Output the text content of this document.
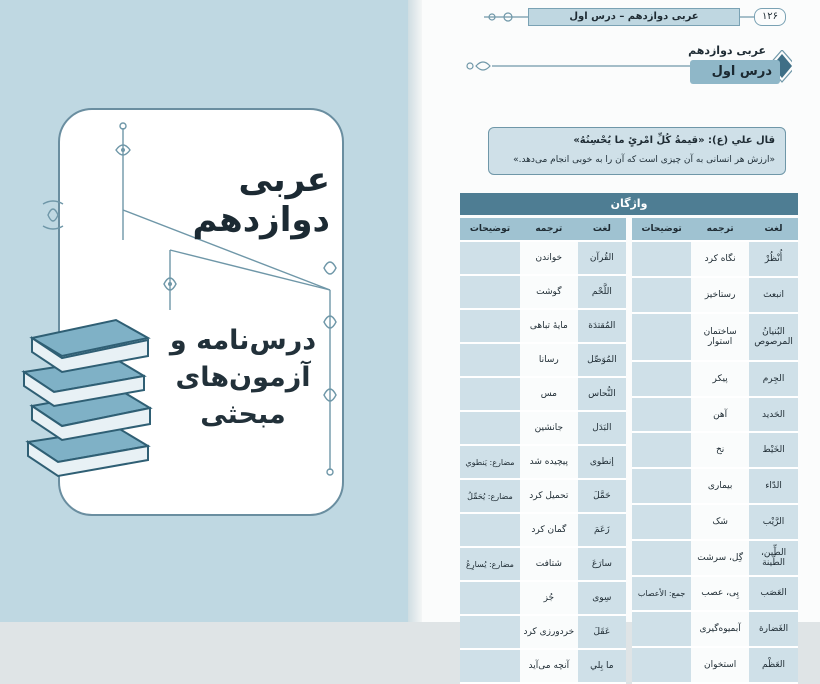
عربی دوازدهم
درس‌نامه و
آزمون‌های
مبحثی
عربی دوازدهم – درس اول	۱۲۶
عربی دوازدهم
درس اول
قال علي (ع): «قيمةُ كُلِّ امْرئٍ ما يُحْسِنُهُ»
«ارزش هر انسانی به آن چیزی است که آن را به خوبی انجام می‌دهد.»
واژگان
لغت	ترجمه	توضیحات
أُنْظُرْ	نگاه کرد	
انبعث	رستاخیز	
البُنیانُ المرصوص	ساختمان استوار	
الجِرم	پیکر	
الحَديد	آهن	
الخَيْط	نخ	
الدّاء	بیماری	
الرَّيْب	شک	
الطِّين، الطّينة	گِل، سرشت	
العَصَب	پِی، عصب	جمع: الأعصاب
الغَضارة	آبمیوه‌گیری	
العَظْم	استخوان	
لغت	ترجمه	توضیحات
القُرآن	خواندن	
اللَّحْم	گوشت	
المُقتدَة	مایهٔ تباهی	
المُوَصِّل	رسانا	
النُّحاس	مس	
البَدَل	جانشین	
إنطوى	پیچیده شد	مضارع: يَنطوي
حَمَّلَ	تحمیل کرد	مضارع: يُحَمِّلُ
زَعَمَ	گمان کرد	
سارَعَ	شتافت	مضارع: يُسارِعُ
سِوى	جُز	
عَقَلَ	خردورزی کرد	
ما بِلي	آنچه می‌آید	
